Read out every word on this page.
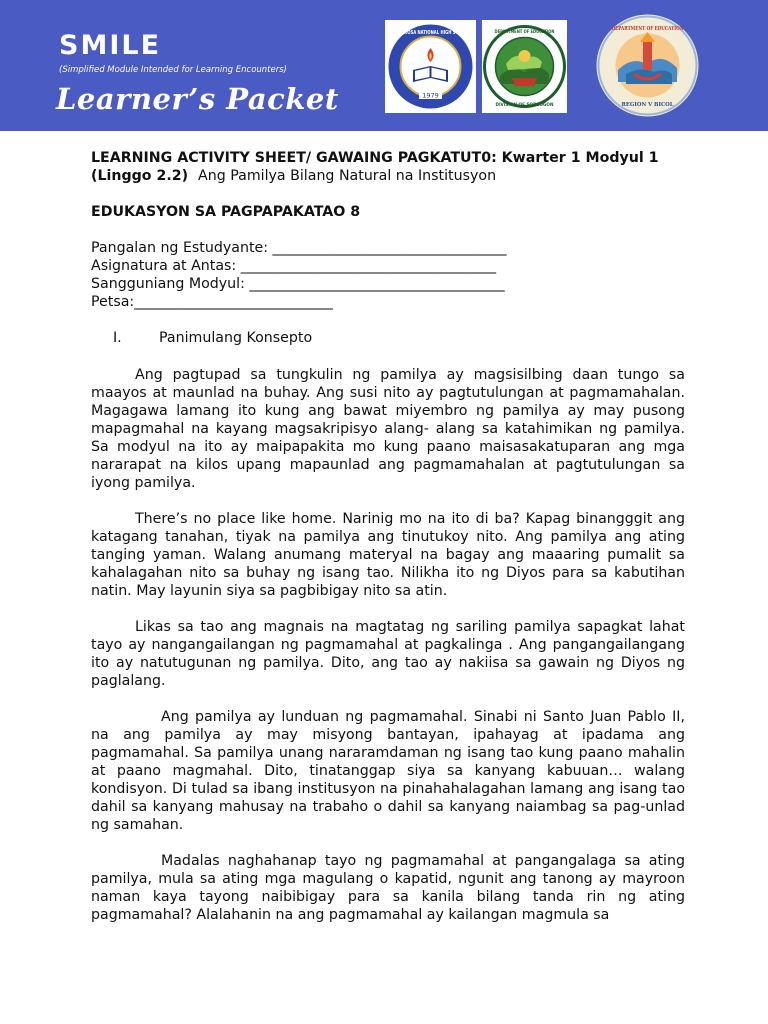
SMILE
(Simplified Module Intended for Learning Encounters)
Learner’s Packet	1979
MILAGROSA NATIONAL HIGH SCHOOL	DEPARTMENT OF EDUCATION
DIVISION OF SORSOGON
DEPARTMENT OF EDUCATION
REGION V BICOL
LEARNING ACTIVITY SHEET/ GAWAING PAGKATUT0: Kwarter 1 Modyul 1 (Linggo 2.2) Ang Pamilya Bilang Natural na Institusyon
EDUKASYON SA PAGPAPAKATAO 8
Pangalan ng Estudyante: _________________________________
Asignatura at Antas: ____________________________________
Sangguniang Modyul: ____________________________________
Petsa:____________________________
I.	Panimulang Konsepto

Ang pagtupad sa tungkulin ng pamilya ay magsisilbing daan tungo sa maayos at maunlad na buhay. Ang susi nito ay pagtutulungan at pagmamahalan. Magagawa lamang ito kung ang bawat miyembro ng pamilya ay may pusong mapagmahal na kayang magsakripisyo alang- alang sa katahimikan ng pamilya. Sa modyul na ito ay maipapakita mo kung paano maisasakatuparan ang mga nararapat na kilos upang mapaunlad ang pagmamahalan at pagtutulungan sa iyong pamilya.

There’s no place like home. Narinig mo na ito di ba? Kapag binangggit ang katagang tanahan, tiyak na pamilya ang tinutukoy nito. Ang pamilya ang ating tanging yaman. Walang anumang materyal na bagay ang maaaring pumalit sa kahalagahan nito sa buhay ng isang tao. Nilikha ito ng Diyos para sa kabutihan natin. May layunin siya sa pagbibigay nito sa atin.

Likas sa tao ang magnais na magtatag ng sariling pamilya sapagkat lahat tayo ay nangangailangan ng pagmamahal at pagkalinga . Ang pangangailangang ito ay natutugunan ng pamilya. Dito, ang tao ay nakiisa sa gawain ng Diyos ng paglalang.

Ang pamilya ay lunduan ng pagmamahal. Sinabi ni Santo Juan Pablo II, na ang pamilya ay may misyong bantayan, ipahayag at ipadama ang pagmamahal. Sa pamilya unang nararamdaman ng isang tao kung paano mahalin at paano magmahal. Dito, tinatanggap siya sa kanyang kabuuan… walang kondisyon. Di tulad sa ibang institusyon na pinahahalagahan lamang ang isang tao dahil sa kanyang mahusay na trabaho o dahil sa kanyang naiambag sa pag-unlad ng samahan.

Madalas naghahanap tayo ng pagmamahal at pangangalaga sa ating pamilya, mula sa ating mga magulang o kapatid, ngunit ang tanong ay mayroon naman kaya tayong naibibigay para sa kanila bilang tanda rin ng ating pagmamahal? Alalahanin na ang pagmamahal ay kailangan magmula sa
